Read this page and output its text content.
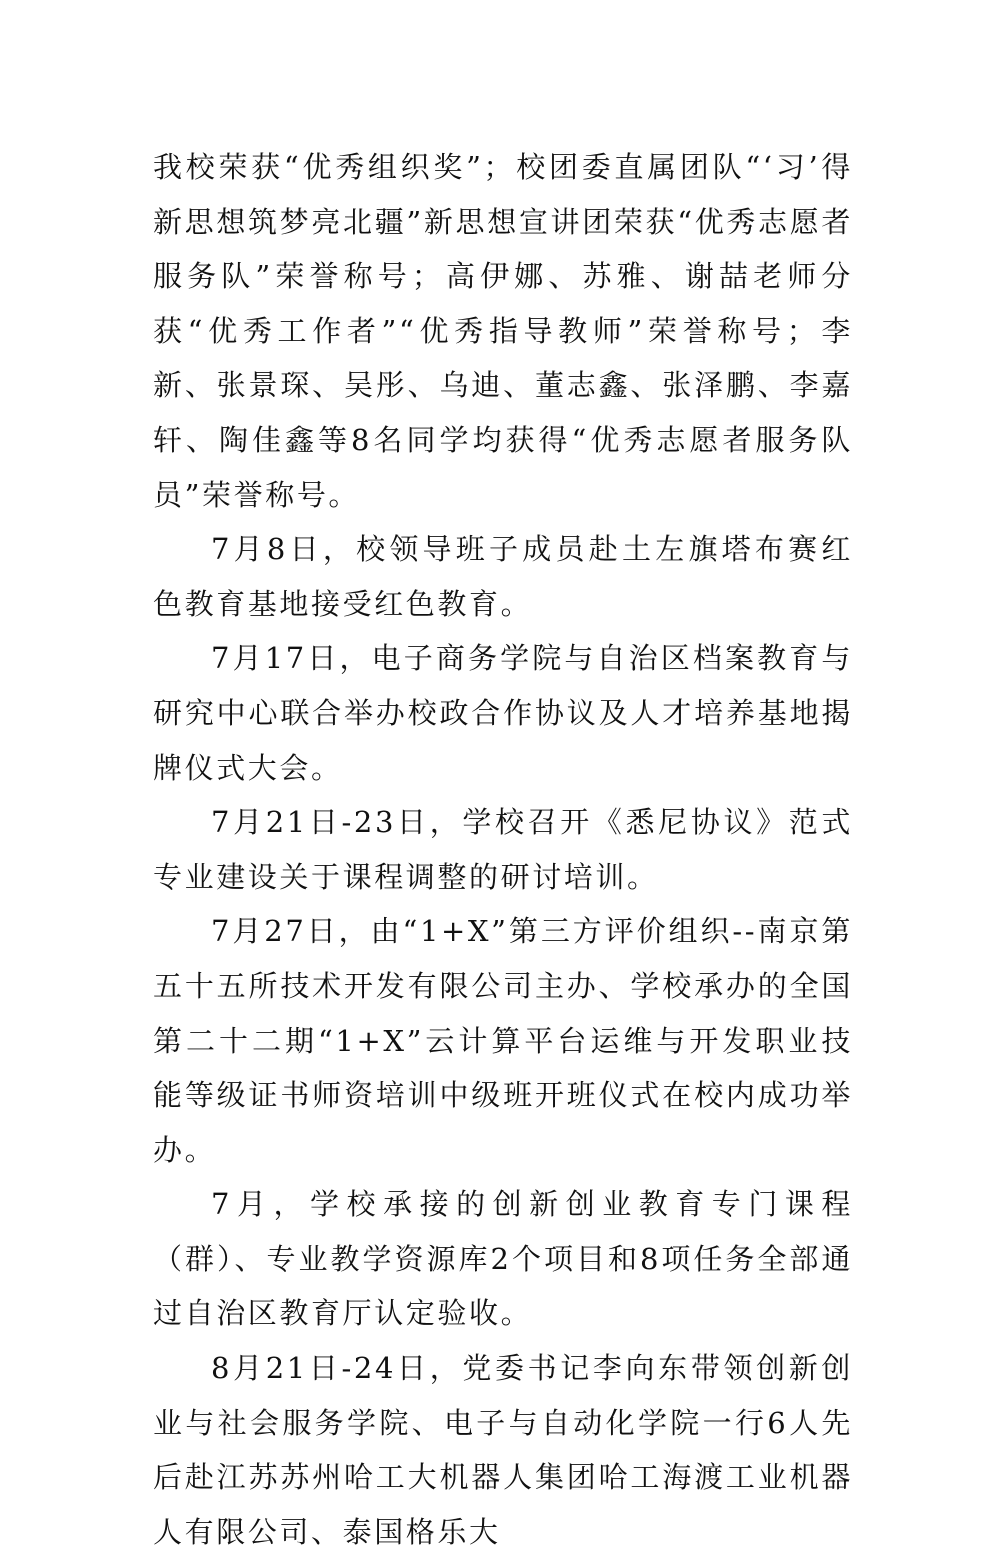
我校荣获“优秀组织奖”；校团委直属团队“‘习’得新思想筑梦亮北疆”新思想宣讲团荣获“优秀志愿者服务队”荣誉称号；高伊娜、苏雅、谢喆老师分获“优秀工作者”“优秀指导教师”荣誉称号；李新、张景琛、吴彤、乌迪、董志鑫、张泽鹏、李嘉轩、陶佳鑫等8名同学均获得“优秀志愿者服务队员”荣誉称号。

7月8日，校领导班子成员赴土左旗塔布赛红色教育基地接受红色教育。

7月17日，电子商务学院与自治区档案教育与研究中心联合举办校政合作协议及人才培养基地揭牌仪式大会。

7月21日-23日，学校召开《悉尼协议》范式专业建设关于课程调整的研讨培训。

7月27日，由“1+X”第三方评价组织--南京第五十五所技术开发有限公司主办、学校承办的全国第二十二期“1+X”云计算平台运维与开发职业技能等级证书师资培训中级班开班仪式在校内成功举办。

7月，学校承接的创新创业教育专门课程（群）、专业教学资源库2个项目和8项任务全部通过自治区教育厅认定验收。

8月21日-24日，党委书记李向东带领创新创业与社会服务学院、电子与自动化学院一行6人先后赴江苏苏州哈工大机器人集团哈工海渡工业机器人有限公司、泰国格乐大
